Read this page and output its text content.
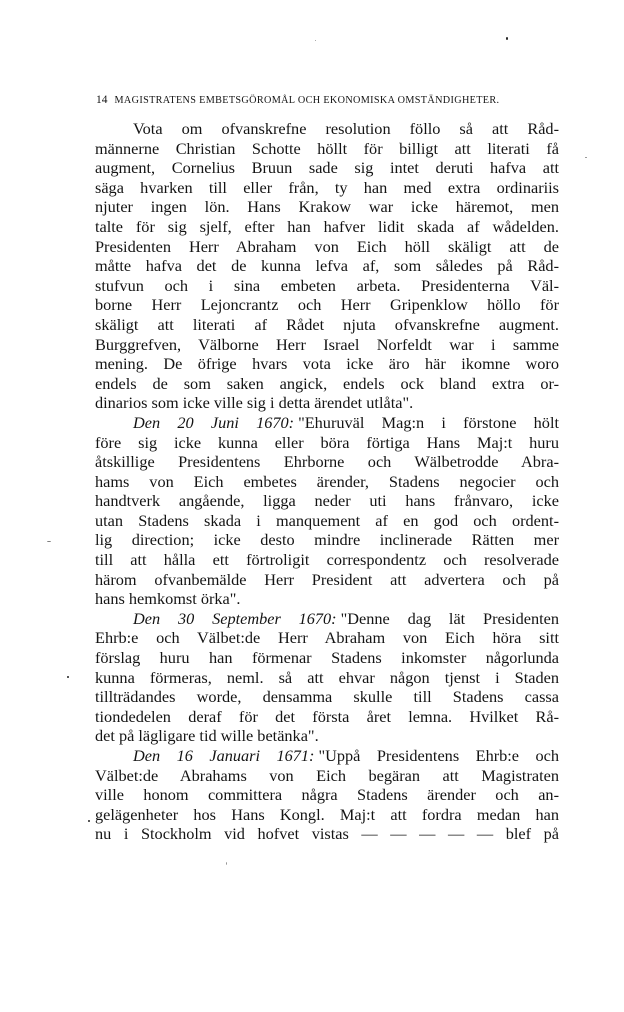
14 MAGISTRATENS EMBETSGÖROMÅL OCH EKONOMISKA OMSTÄNDIGHETER.
Vota om ofvanskrefne resolution föllo så att Råd-
männerne Christian Schotte höllt för billigt att literati få
augment, Cornelius Bruun sade sig intet deruti hafva att
säga hvarken till eller från, ty han med extra ordinariis
njuter ingen lön. Hans Krakow war icke häremot, men
talte för sig sjelf, efter han hafver lidit skada af wådelden.
Presidenten Herr Abraham von Eich höll skäligt att de
måtte hafva det de kunna lefva af, som således på Råd-
stufvun och i sina embeten arbeta. Presidenterna Väl-
borne Herr Lejoncrantz och Herr Gripenklow höllo för
skäligt att literati af Rådet njuta ofvanskrefne augment.
Burggrefven, Välborne Herr Israel Norfeldt war i samme
mening. De öfrige hvars vota icke äro här ikomne woro
endels de som saken angick, endels ock bland extra or-
dinarios som icke ville sig i detta ärendet utlåta".
Den 20 Juni 1670: "Ehuruväl Mag:n i förstone hölt
före sig icke kunna eller böra förtiga Hans Maj:t huru
åtskillige Presidentens Ehrborne och Wälbetrodde Abra-
hams von Eich embetes ärender, Stadens negocier och
handtverk angående, ligga neder uti hans frånvaro, icke
utan Stadens skada i manquement af en god och ordent-
lig direction; icke desto mindre inclinerade Rätten mer
till att hålla ett förtroligit correspondentz och resolverade
härom ofvanbemälde Herr President att advertera och på
hans hemkomst örka".
Den 30 September 1670: "Denne dag lät Presidenten
Ehrb:e och Välbet:de Herr Abraham von Eich höra sitt
förslag huru han förmenar Stadens inkomster någorlunda
kunna förmeras, neml. så att ehvar någon tjenst i Staden
tillträdandes worde, densamma skulle till Stadens cassa
tiondedelen deraf för det första året lemna. Hvilket Rå-
det på lägligare tid wille betänka".
Den 16 Januari 1671: "Uppå Presidentens Ehrb:e och
Välbet:de Abrahams von Eich begäran att Magistraten
ville honom committera några Stadens ärender och an-
gelägenheter hos Hans Kongl. Maj:t att fordra medan han
nu i Stockholm vid hofvet vistas — — — — — blef på
